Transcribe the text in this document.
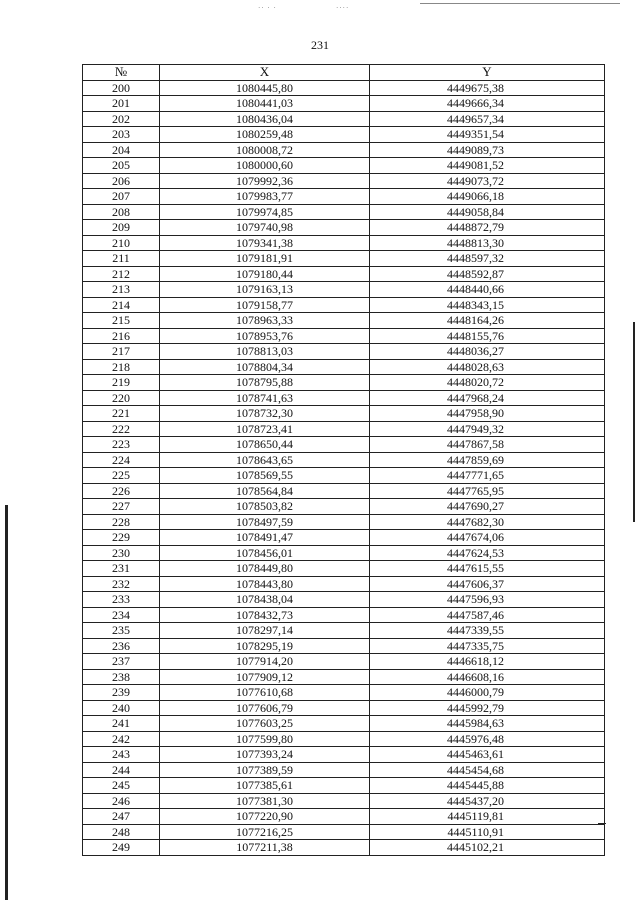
·· · ·	····
231
№	X	Y
200	1080445,80	4449675,38
201	1080441,03	4449666,34
202	1080436,04	4449657,34
203	1080259,48	4449351,54
204	1080008,72	4449089,73
205	1080000,60	4449081,52
206	1079992,36	4449073,72
207	1079983,77	4449066,18
208	1079974,85	4449058,84
209	1079740,98	4448872,79
210	1079341,38	4448813,30
211	1079181,91	4448597,32
212	1079180,44	4448592,87
213	1079163,13	4448440,66
214	1079158,77	4448343,15
215	1078963,33	4448164,26
216	1078953,76	4448155,76
217	1078813,03	4448036,27
218	1078804,34	4448028,63
219	1078795,88	4448020,72
220	1078741,63	4447968,24
221	1078732,30	4447958,90
222	1078723,41	4447949,32
223	1078650,44	4447867,58
224	1078643,65	4447859,69
225	1078569,55	4447771,65
226	1078564,84	4447765,95
227	1078503,82	4447690,27
228	1078497,59	4447682,30
229	1078491,47	4447674,06
230	1078456,01	4447624,53
231	1078449,80	4447615,55
232	1078443,80	4447606,37
233	1078438,04	4447596,93
234	1078432,73	4447587,46
235	1078297,14	4447339,55
236	1078295,19	4447335,75
237	1077914,20	4446618,12
238	1077909,12	4446608,16
239	1077610,68	4446000,79
240	1077606,79	4445992,79
241	1077603,25	4445984,63
242	1077599,80	4445976,48
243	1077393,24	4445463,61
244	1077389,59	4445454,68
245	1077385,61	4445445,88
246	1077381,30	4445437,20
247	1077220,90	4445119,81
248	1077216,25	4445110,91
249	1077211,38	4445102,21
